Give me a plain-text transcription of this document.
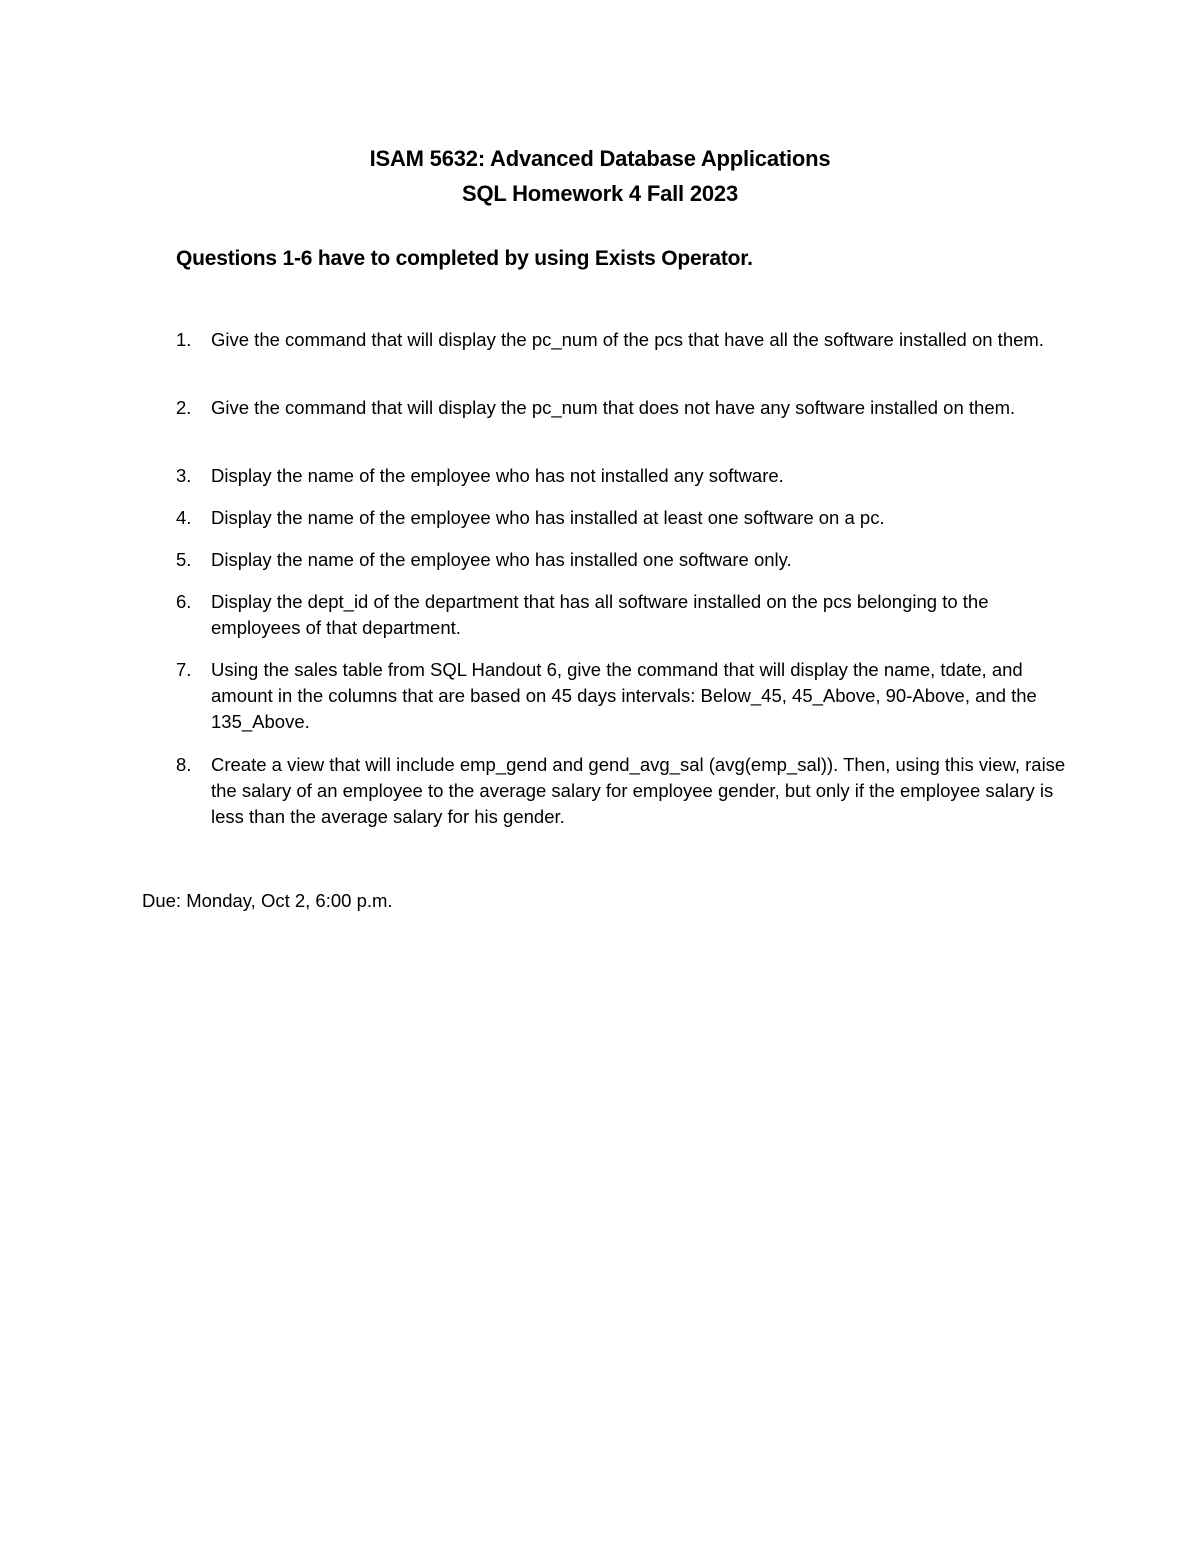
ISAM 5632: Advanced Database Applications
SQL Homework 4 Fall 2023
Questions 1-6 have to completed by using Exists Operator.
1.	Give the command that will display the pc_num of the pcs that have all the software installed on them.
2.	Give the command that will display the pc_num that does not have any software installed on them.
3.	Display the name of the employee who has not installed any software.
4.	Display the name of the employee who has installed at least one software on a pc.
5.	Display the name of the employee who has installed one software only.
6.	Display the dept_id of the department that has all software installed on the pcs belonging to the employees of that department.
7.	Using the sales table from SQL Handout 6, give the command that will display the name, tdate, and amount in the columns that are based on 45 days intervals: Below_45, 45_Above, 90-Above, and the 135_Above.
8.	Create a view that will include emp_gend and gend_avg_sal (avg(emp_sal)). Then, using this view, raise the salary of an employee to the average salary for employee gender, but only if the employee salary is less than the average salary for his gender.
Due: Monday, Oct 2, 6:00 p.m.
